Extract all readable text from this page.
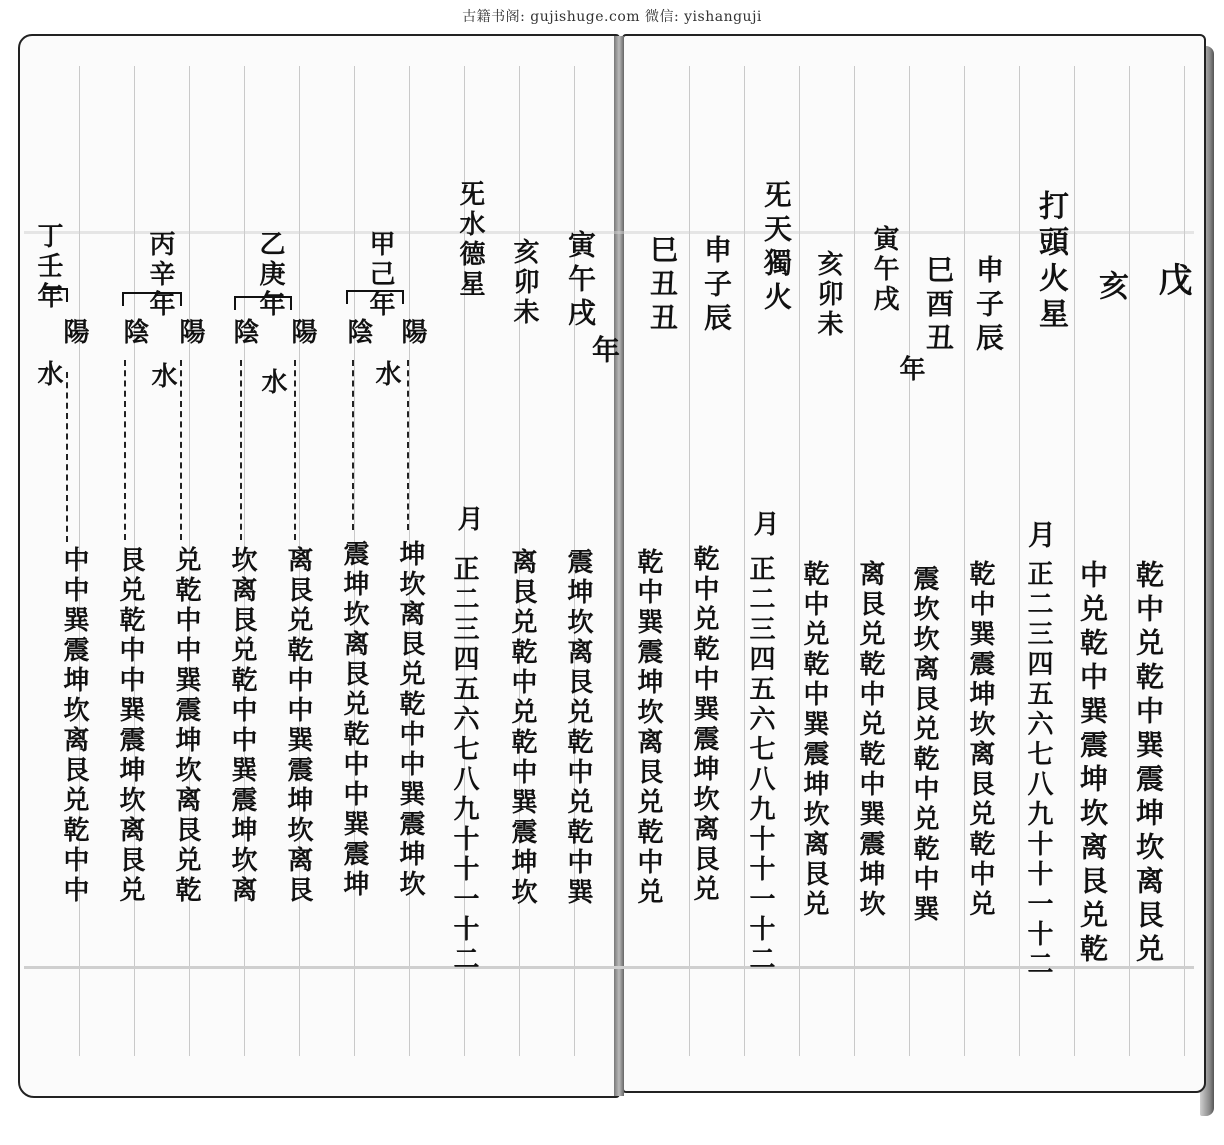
古籍书阁: gujishuge.com 微信: yishanguji
戊
亥
乾中兑乾中巽震坤坎离艮兑
中兑乾中巽震坤坎离艮兑乾
打頭火星
月
正二三四五六七八九十十一十二
申子辰
乾中巽震坤坎离艮兑乾中兑
巳酉丑
震坎坎离艮兑乾中兑乾中巽
寅午戌
年
离艮兑乾中兑乾中巽震坤坎
亥卯未
乾中兑乾中巽震坤坎离艮兑
旡天獨火
月
正二三四五六七八九十十一十二
申子辰
乾中兑乾中巽震坤坎离艮兑
巳丑丑
乾中巽震坤坎离艮兑乾中兑
寅午戌
年
震坤坎离艮兑乾中兑乾中巽
亥卯未
离艮兑乾中兑乾中巽震坤坎
旡水德星
月
正二三四五六七八九十十一十二
甲己年
陽
陰
水
坤坎离艮兑乾中中巽震坤坎
震坤坎离艮兑乾中中巽震坤
乙庚年
陽
陰
水
离艮兑乾中中巽震坤坎离艮
坎离艮兑乾中中巽震坤坎离
丙辛年
陽
陰
水
兑乾中中巽震坤坎离艮兑乾
艮兑乾中中巽震坤坎离艮兑
丁壬年
陽
水
中中巽震坤坎离艮兑乾中中
